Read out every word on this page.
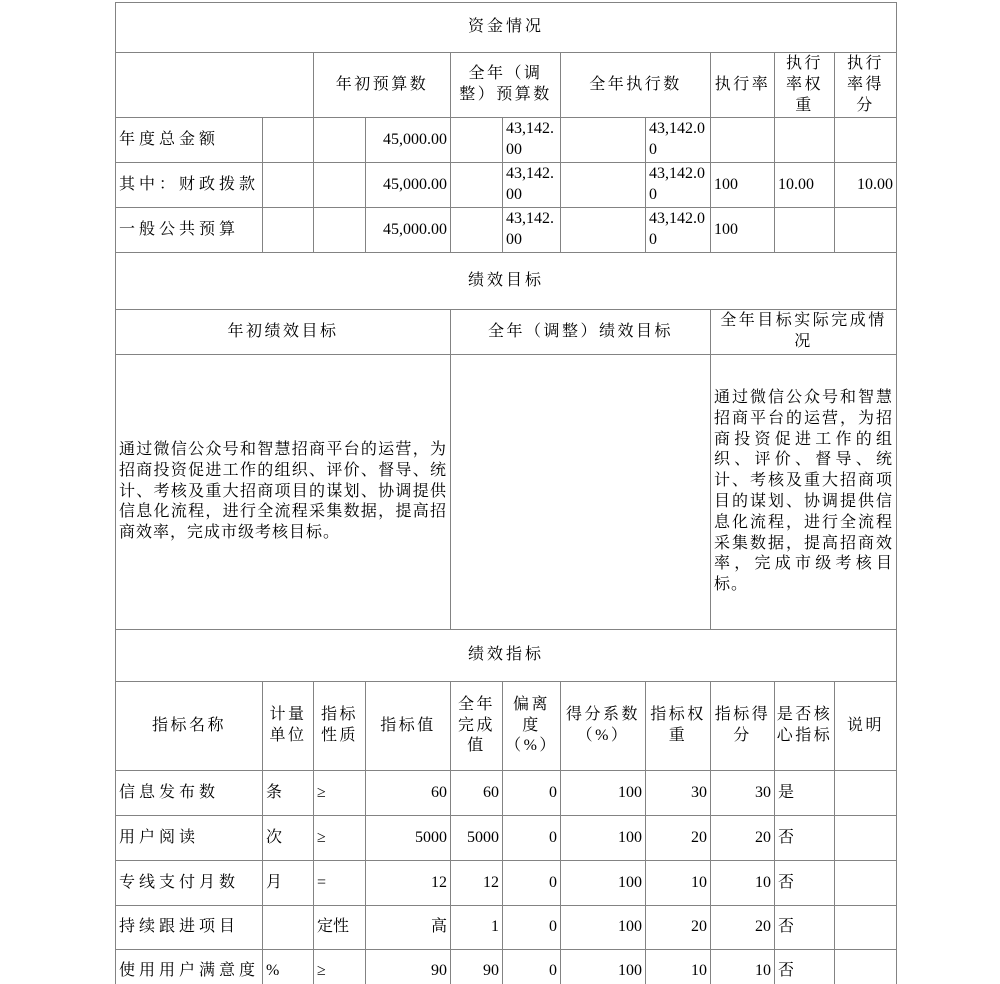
资金情况										
		年初预算数		全年（调整）预算数		全年执行数		执行率	执行率权重	执行率得分
年度总金额			45,000.00		43,142.00		43,142.00			
其中：财政拨款			45,000.00		43,142.00		43,142.00	100	10.00	10.00
一般公共预算			45,000.00		43,142.00		43,142.00	100		
绩效目标										
年初绩效目标				全年（调整）绩效目标				全年目标实际完成情况		
通过微信公众号和智慧招商平台的运营，为招商投资促进工作的组织、评价、督导、统计、考核及重大招商项目的谋划、协调提供信息化流程，进行全流程采集数据，提高招商效率，完成市级考核目标。								通过微信公众号和智慧招商平台的运营，为招商投资促进工作的组织、评价、督导、统计、考核及重大招商项目的谋划、协调提供信息化流程，进行全流程采集数据，提高招商效率，完成市级考核目标。		
绩效指标										
指标名称	计量单位	指标性质	指标值	全年完成值	偏离度（%）	得分系数（%）	指标权重	指标得分	是否核心指标	说明
信息发布数	条	≥	60	60	0	100	30	30	是	
用户阅读	次	≥	5000	5000	0	100	20	20	否	
专线支付月数	月	=	12	12	0	100	10	10	否	
持续跟进项目		定性	高	1	0	100	20	20	否	
使用用户满意度	%	≥	90	90	0	100	10	10	否	
